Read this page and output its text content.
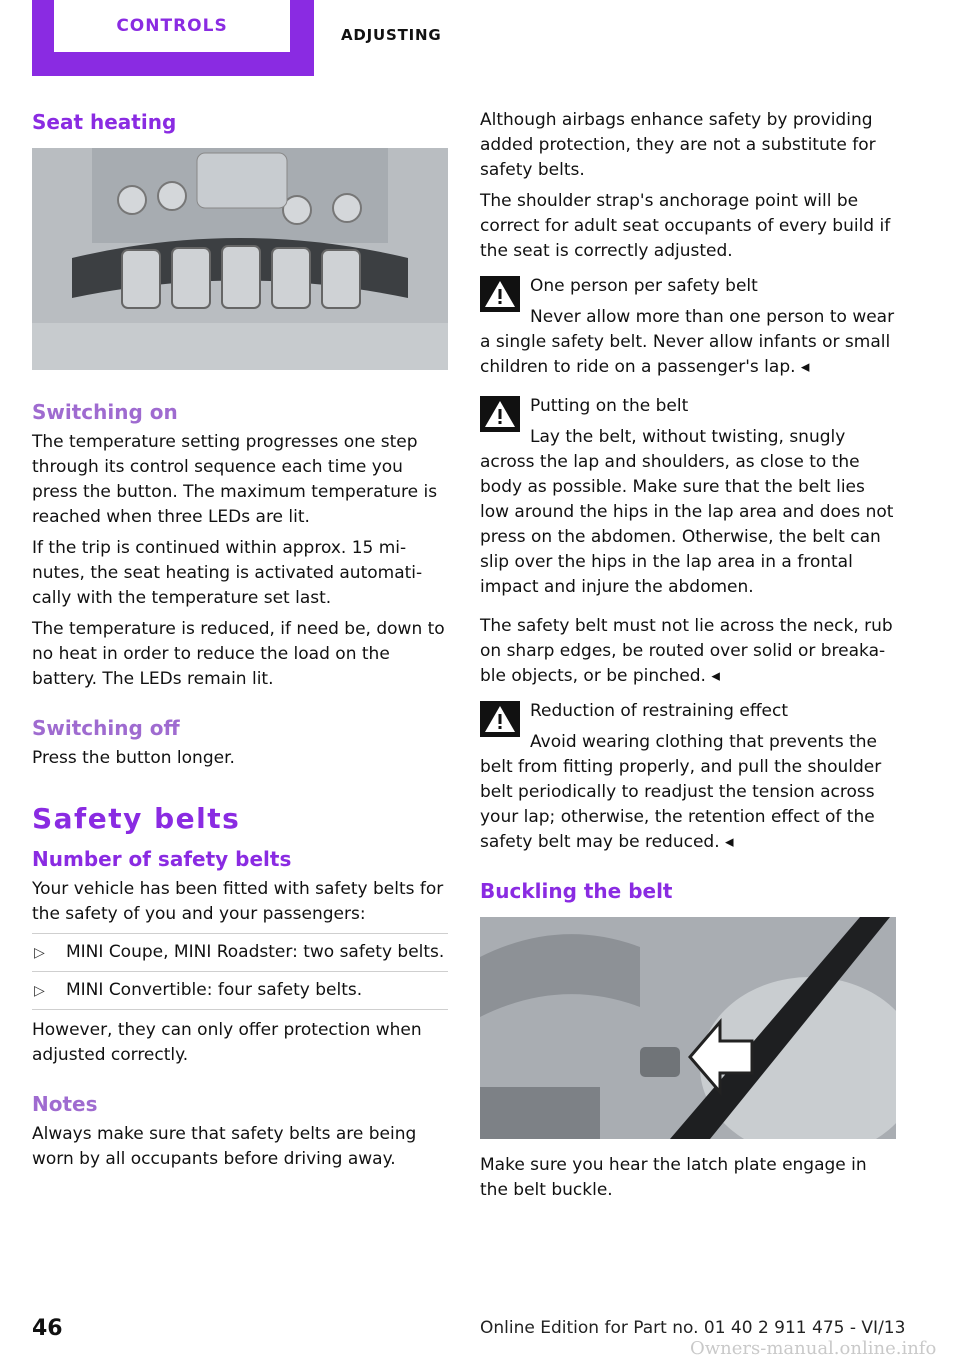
CONTROLS	ADJUSTING
Seat heating
Switching on

The temperature setting progresses one step through its control sequence each time you press the button. The maximum temperature is reached when three LEDs are lit.

If the trip is continued within approx. 15 mi‐ nutes, the seat heating is activated automati‐ cally with the temperature set last.

The temperature is reduced, if need be, down to no heat in order to reduce the load on the battery. The LEDs remain lit.

Switching off

Press the button longer.

Safety belts
Number of safety belts

Your vehicle has been fitted with safety belts for the safety of you and your passengers:

▷ MINI Coupe, MINI Roadster: two safety belts.
▷ MINI Convertible: four safety belts.

However, they can only offer protection when adjusted correctly.

Notes

Always make sure that safety belts are being worn by all occupants before driving away.

Although airbags enhance safety by providing added protection, they are not a substitute for safety belts.

The shoulder strap's anchorage point will be correct for adult seat occupants of every build if the seat is correctly adjusted.

One person per safety belt

Never allow more than one person to wear a single safety belt. Never allow infants or small children to ride on a passenger's lap. ◂

Putting on the belt

Lay the belt, without twisting, snugly across the lap and shoulders, as close to the body as possible. Make sure that the belt lies low around the hips in the lap area and does not press on the abdomen. Otherwise, the belt can slip over the hips in the lap area in a frontal impact and injure the abdomen.

The safety belt must not lie across the neck, rub on sharp edges, be routed over solid or breaka‐ ble objects, or be pinched. ◂

Reduction of restraining effect

Avoid wearing clothing that prevents the belt from fitting properly, and pull the shoulder belt periodically to readjust the tension across your lap; otherwise, the retention effect of the safety belt may be reduced. ◂

Buckling the belt

Make sure you hear the latch plate engage in the belt buckle.

46	Online Edition for Part no. 01 40 2 911 475 - VI/13
Owners-manual.online.info
